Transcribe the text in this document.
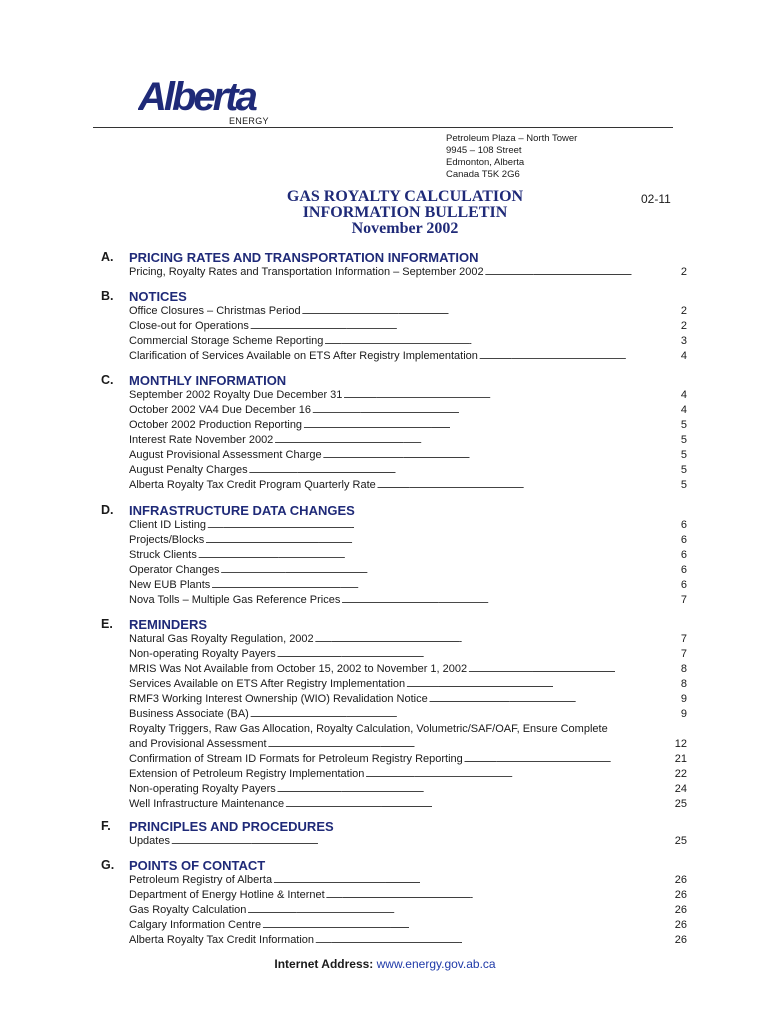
Alberta
ENERGY
Petroleum Plaza – North Tower
9945 – 108 Street
Edmonton, Alberta
Canada T5K 2G6
GAS ROYALTY CALCULATION
INFORMATION BULLETIN
November 2002
02-11
A.	PRICING RATES AND TRANSPORTATION INFORMATION
Pricing, Royalty Rates and Transportation Information – September 2002 . . .	2
B.	NOTICES
Office Closures – Christmas Period . . .	2
Close-out for Operations . . .	2
Commercial Storage Scheme Reporting . . .	3
Clarification of Services Available on ETS After Registry Implementation . . .	4
C.	MONTHLY INFORMATION
September 2002 Royalty Due December 31 . . .	4
October 2002 VA4 Due December 16 . . .	4
October 2002 Production Reporting . . .	5
Interest Rate November 2002 . . .	5
August Provisional Assessment Charge . . .	5
August Penalty Charges . . .	5
Alberta Royalty Tax Credit Program Quarterly Rate . . .	5
D.	INFRASTRUCTURE DATA CHANGES
Client ID Listing . . .	6
Projects/Blocks . . .	6
Struck Clients . . .	6
Operator Changes . . .	6
New EUB Plants . . .	6
Nova Tolls – Multiple Gas Reference Prices . . .	7
E.	REMINDERS
Natural Gas Royalty Regulation, 2002 . . .	7
Non-operating Royalty Payers . . .	7
MRIS Was Not Available from October 15, 2002 to November 1, 2002 . . .	8
Services Available on ETS After Registry Implementation . . .	8
RMF3 Working Interest Ownership (WIO) Revalidation Notice . . .	9
Business Associate (BA) . . .	9
Royalty Triggers, Raw Gas Allocation, Royalty Calculation, Volumetric/SAF/OAF, Ensure Complete
and Provisional Assessment . . .	12
Confirmation of Stream ID Formats for Petroleum Registry Reporting . . .	21
Extension of Petroleum Registry Implementation . . .	22
Non-operating Royalty Payers . . .	24
Well Infrastructure Maintenance . . .	25
F.	PRINCIPLES AND PROCEDURES
Updates . . .	25
G.	POINTS OF CONTACT
Petroleum Registry of Alberta . . .	26
Department of Energy Hotline & Internet . . .	26
Gas Royalty Calculation . . .	26
Calgary Information Centre . . .	26
Alberta Royalty Tax Credit Information . . .	26
Internet Address: www.energy.gov.ab.ca
